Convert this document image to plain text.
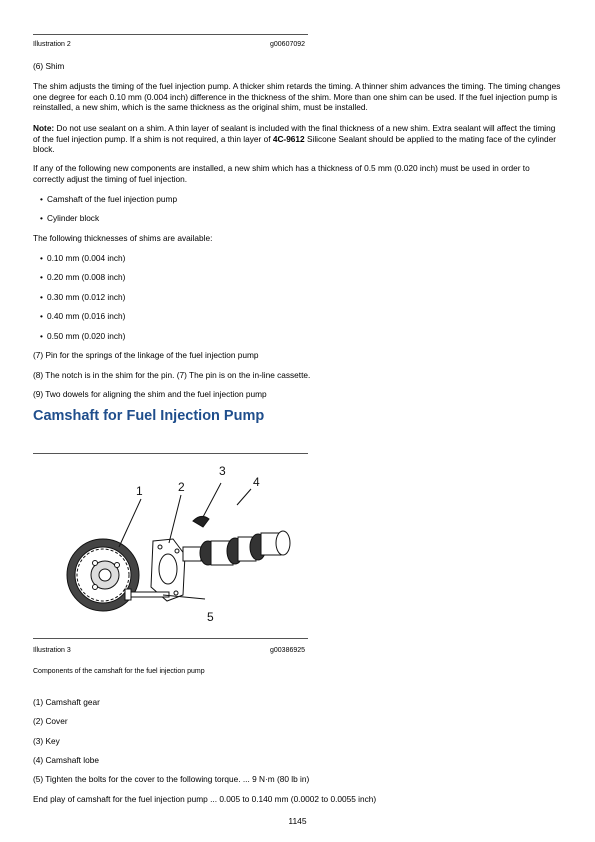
Illustration 2	g00607092

(6) Shim

The shim adjusts the timing of the fuel injection pump. A thicker shim retards the timing. A thinner shim advances the timing. The timing changes one degree for each 0.10 mm (0.004 inch) difference in the thickness of the shim. More than one shim can be used. If the fuel injection pump is reinstalled, a new shim, which is the same thickness as the original shim, must be installed.

Note: Do not use sealant on a shim. A thin layer of sealant is included with the final thickness of a new shim. Extra sealant will affect the timing of the fuel injection pump. If a shim is not required, a thin layer of 4C-9612 Silicone Sealant should be applied to the mating face of the cylinder block.

If any of the following new components are installed, a new shim which has a thickness of 0.5 mm (0.020 inch) must be used in order to correctly adjust the timing of fuel injection.

• Camshaft of the fuel injection pump
• Cylinder block

The following thicknesses of shims are available:

• 0.10 mm (0.004 inch)
• 0.20 mm (0.008 inch)
• 0.30 mm (0.012 inch)
• 0.40 mm (0.016 inch)
• 0.50 mm (0.020 inch)

(7) Pin for the springs of the linkage of the fuel injection pump

(8) The notch is in the shim for the pin. (7) The pin is on the in-line cassette.

(9) Two dowels for aligning the shim and the fuel injection pump

Camshaft for Fuel Injection Pump
1	2
3
4
5
Illustration 3	g00386925
Components of the camshaft for the fuel injection pump

(1) Camshaft gear

(2) Cover

(3) Key

(4) Camshaft lobe

(5) Tighten the bolts for the cover to the following torque. ... 9 N·m (80 lb in)

End play of camshaft for the fuel injection pump ... 0.005 to 0.140 mm (0.0002 to 0.0055 inch)

1145
